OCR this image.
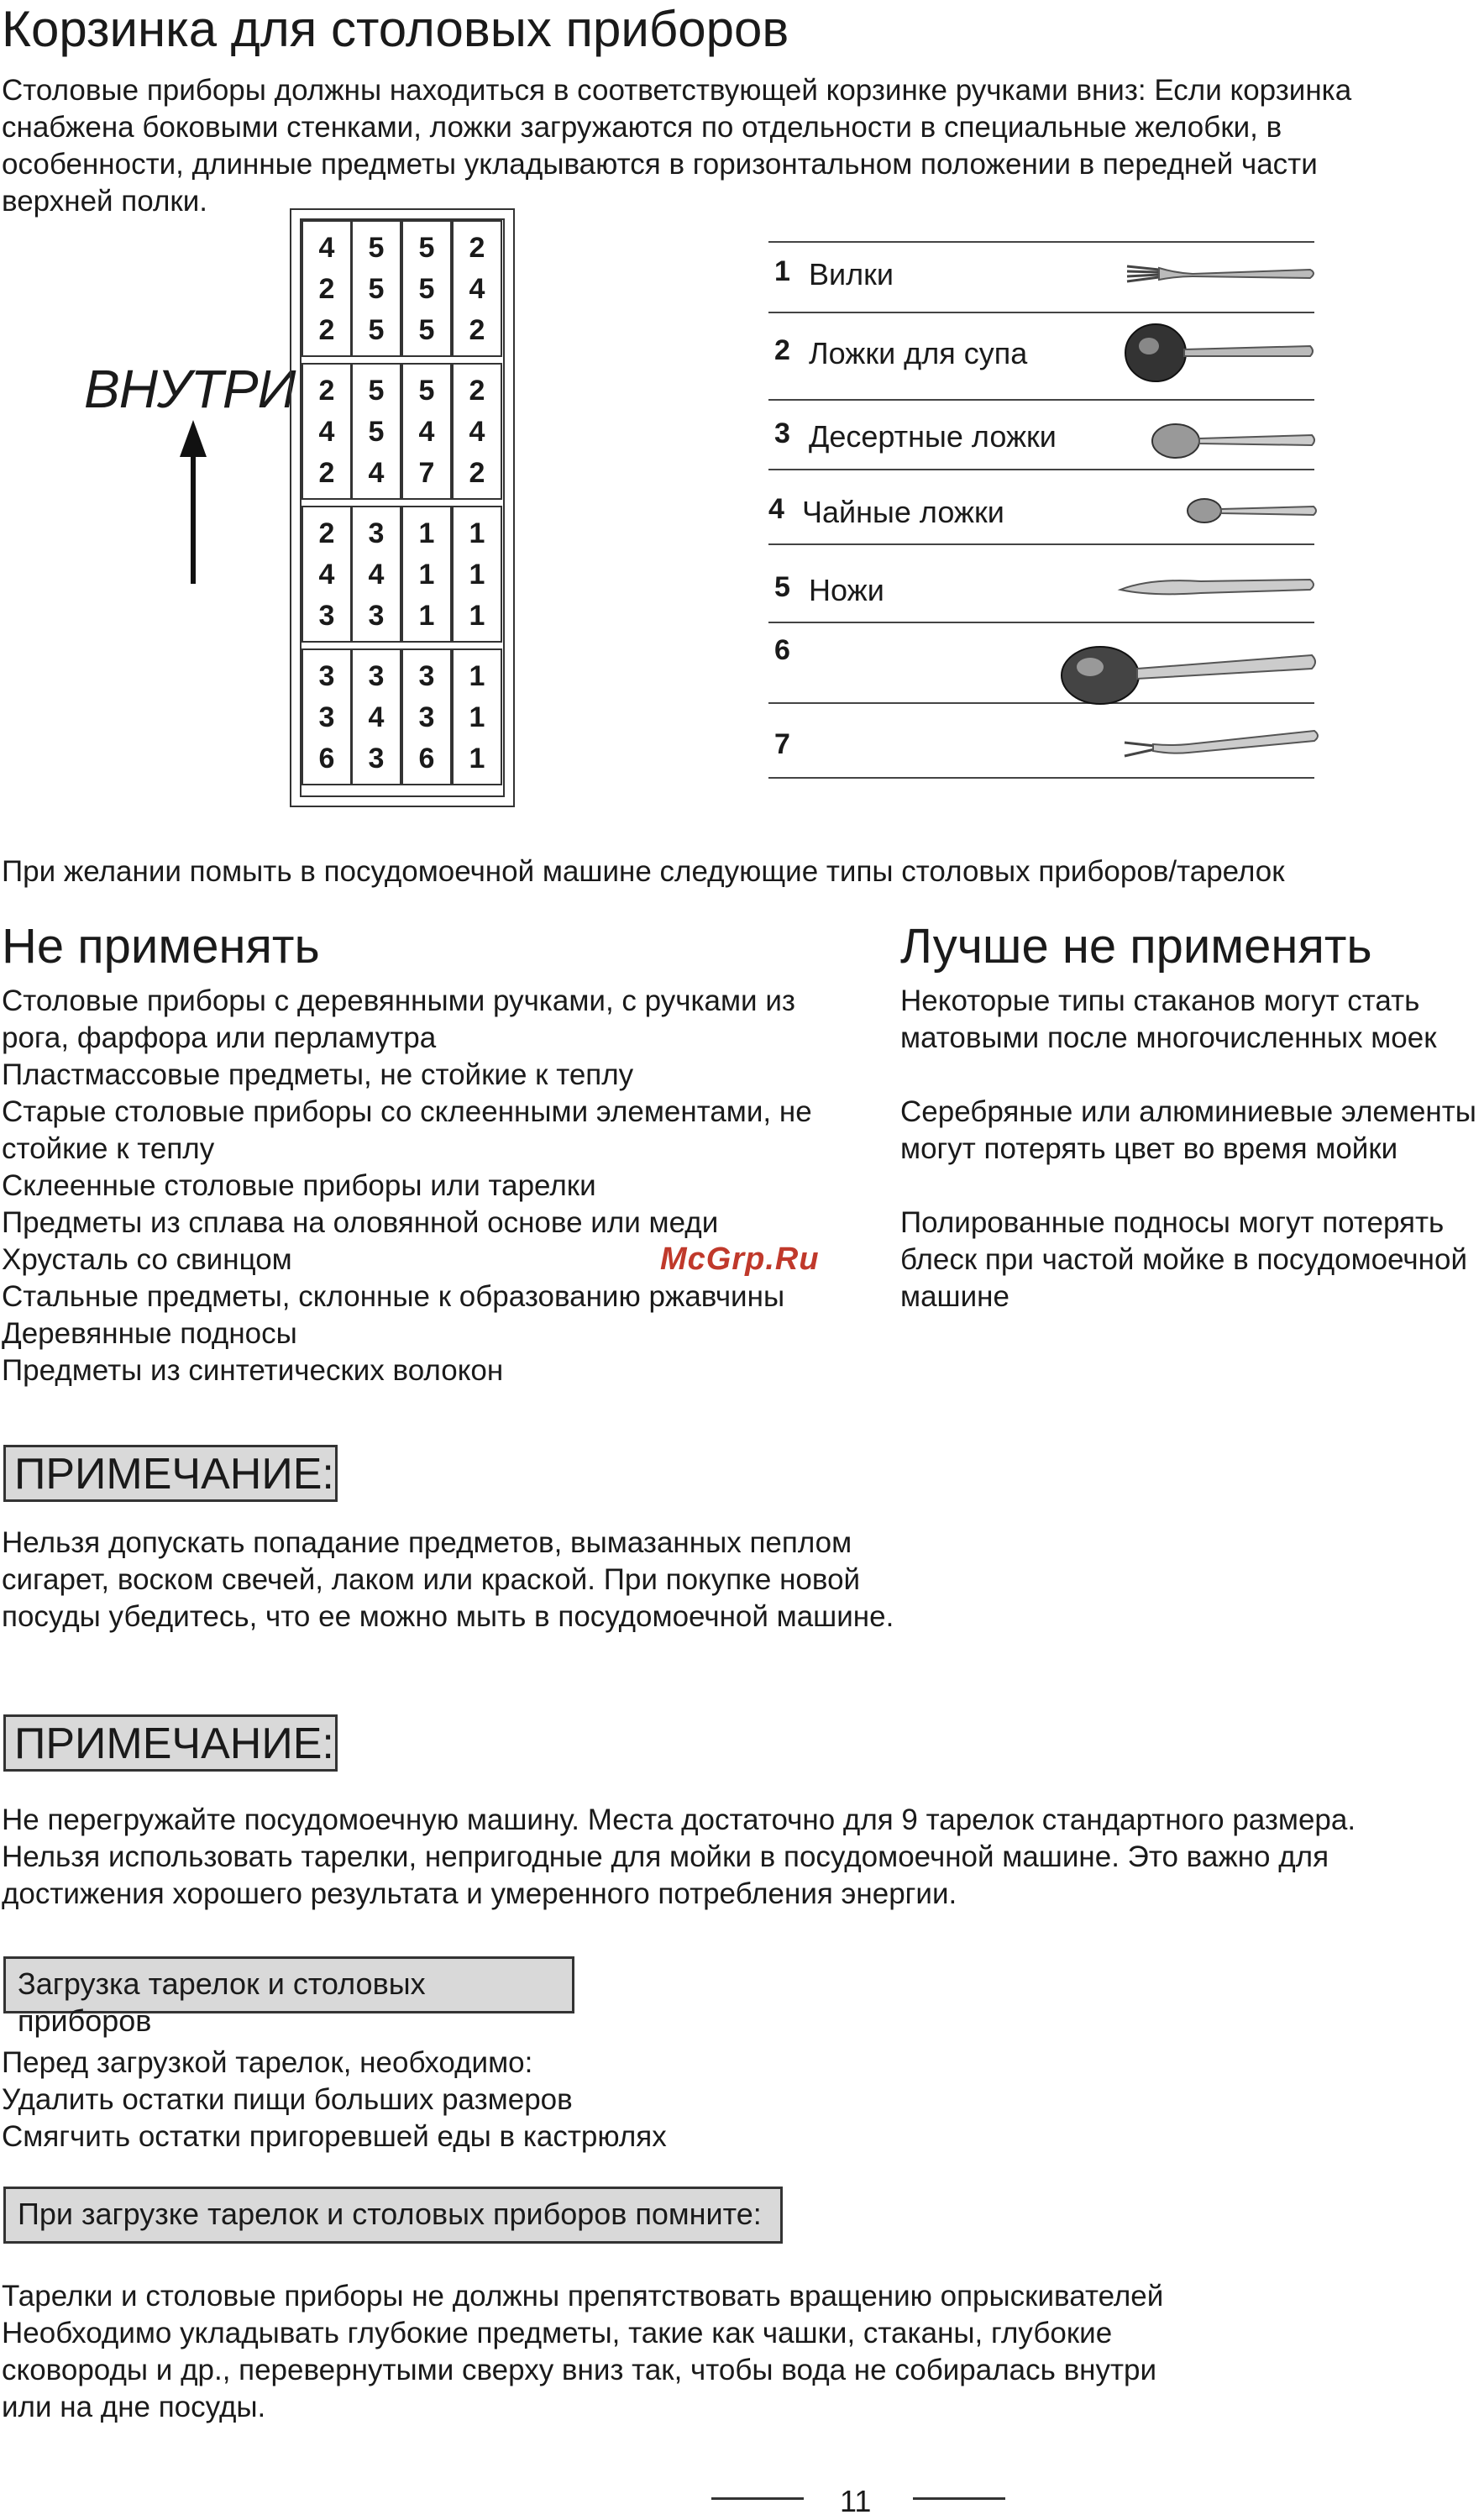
Корзинка для столовых приборов
Столовые приборы должны находиться в соответствующей корзинке ручками вниз: Если корзинка
снабжена боковыми стенками, ложки загружаются по отдельности в специальные желобки, в
особенности, длинные предметы укладываются в горизонтальном положении в передней части
верхней полки.
ВНУТРИ
4
2
2
5
5
5
5
5
5
2
4
2
2
4
2
5
5
4
5
4
7
2
4
2
2
4
3
3
4
3
1
1
1
1
1
1
3
3
6
3
4
3
3
3
6
1
1
1
1 Вилки
2 Ложки для супа
3 Десертные ложки
4 Чайные ложки
5 Ножи
6
7
При желании помыть в посудомоечной машине следующие типы столовых приборов/тарелок
Не применять
Столовые приборы с деревянными ручками, с ручками из
рога, фарфора или перламутра
Пластмассовые предметы, не стойкие к теплу
Старые столовые приборы со склеенными элементами, не
стойкие к теплу
Склеенные столовые приборы или тарелки
Предметы из сплава на оловянной основе или меди
Хрусталь со свинцом
Стальные предметы, склонные к образованию ржавчины
Деревянные подносы
Предметы из синтетических волокон
Лучше не применять
Некоторые типы стаканов могут стать
матовыми после многочисленных моек

Серебряные или алюминиевые элементы
могут потерять цвет во время мойки

Полированные подносы могут потерять
блеск при частой мойке в посудомоечной
машине
McGrp.Ru
ПРИМЕЧАНИЕ:
Нельзя допускать попадание предметов, вымазанных пеплом
сигарет, воском свечей, лаком или краской. При покупке новой
посуды убедитесь, что ее можно мыть в посудомоечной машине.
ПРИМЕЧАНИЕ:
Не перегружайте посудомоечную машину. Места достаточно для 9 тарелок стандартного размера.
Нельзя использовать тарелки, непригодные для мойки в посудомоечной машине. Это важно для
достижения хорошего результата и умеренного потребления энергии.
Загрузка тарелок и столовых приборов
Перед загрузкой тарелок, необходимо:
Удалить остатки пищи больших размеров
Смягчить остатки пригоревшей еды в кастрюлях
При загрузке тарелок и столовых приборов помните:
Тарелки и столовые приборы не должны препятствовать вращению опрыскивателей
Необходимо укладывать глубокие предметы, такие как чашки, стаканы, глубокие
сковороды и др., перевернутыми сверху вниз так, чтобы вода не собиралась внутри
или на дне посуды.
11
